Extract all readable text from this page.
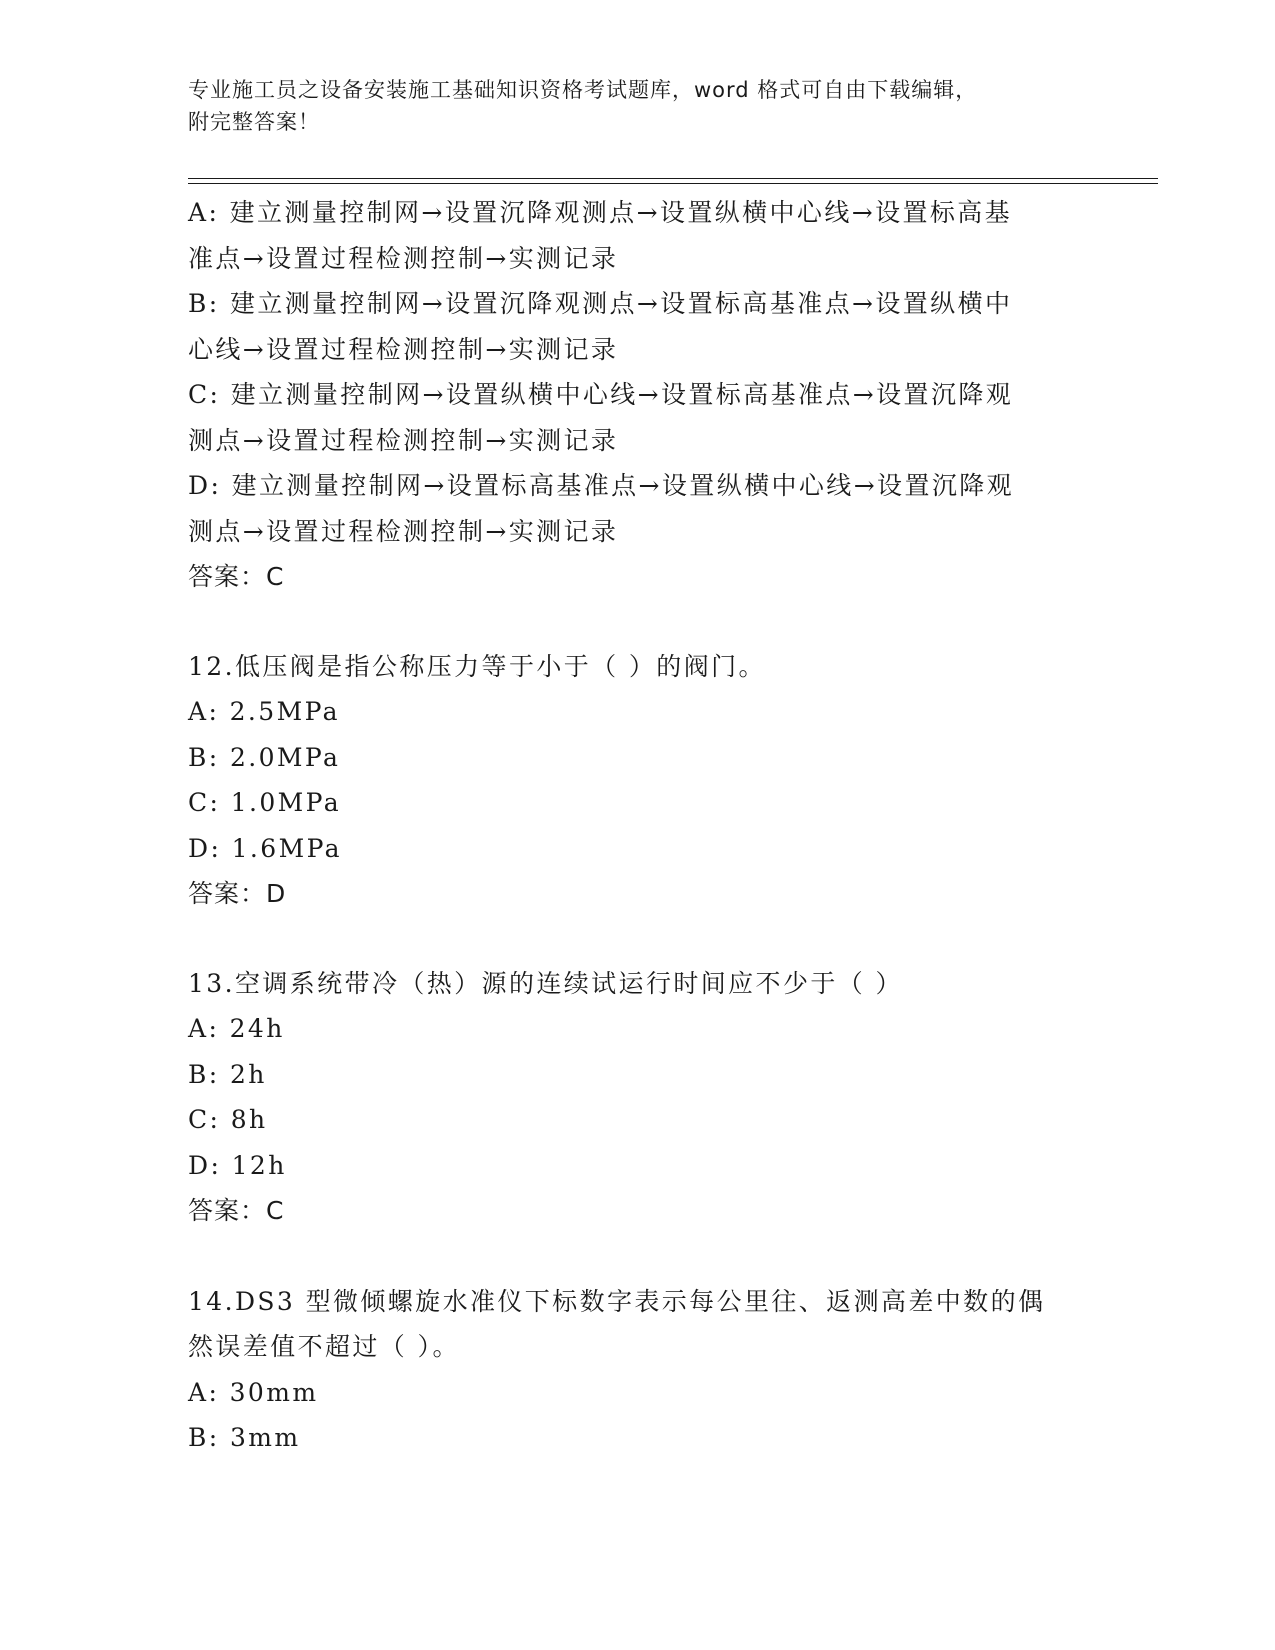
专业施工员之设备安装施工基础知识资格考试题库，word 格式可自由下载编辑，
附完整答案！
A: 建立测量控制网→设置沉降观测点→设置纵横中心线→设置标高基
准点→设置过程检测控制→实测记录
B: 建立测量控制网→设置沉降观测点→设置标高基准点→设置纵横中
心线→设置过程检测控制→实测记录
C: 建立测量控制网→设置纵横中心线→设置标高基准点→设置沉降观
测点→设置过程检测控制→实测记录
D: 建立测量控制网→设置标高基准点→设置纵横中心线→设置沉降观
测点→设置过程检测控制→实测记录
答案：C
12.低压阀是指公称压力等于小于（ ）的阀门。
A: 2.5MPa
B: 2.0MPa
C: 1.0MPa
D: 1.6MPa
答案：D
13.空调系统带冷（热）源的连续试运行时间应不少于（ ）
A: 24h
B: 2h
C: 8h
D: 12h
答案：C
14.DS3 型微倾螺旋水准仪下标数字表示每公里往、返测高差中数的偶
然误差值不超过（ ）。
A: 30mm
B: 3mm
